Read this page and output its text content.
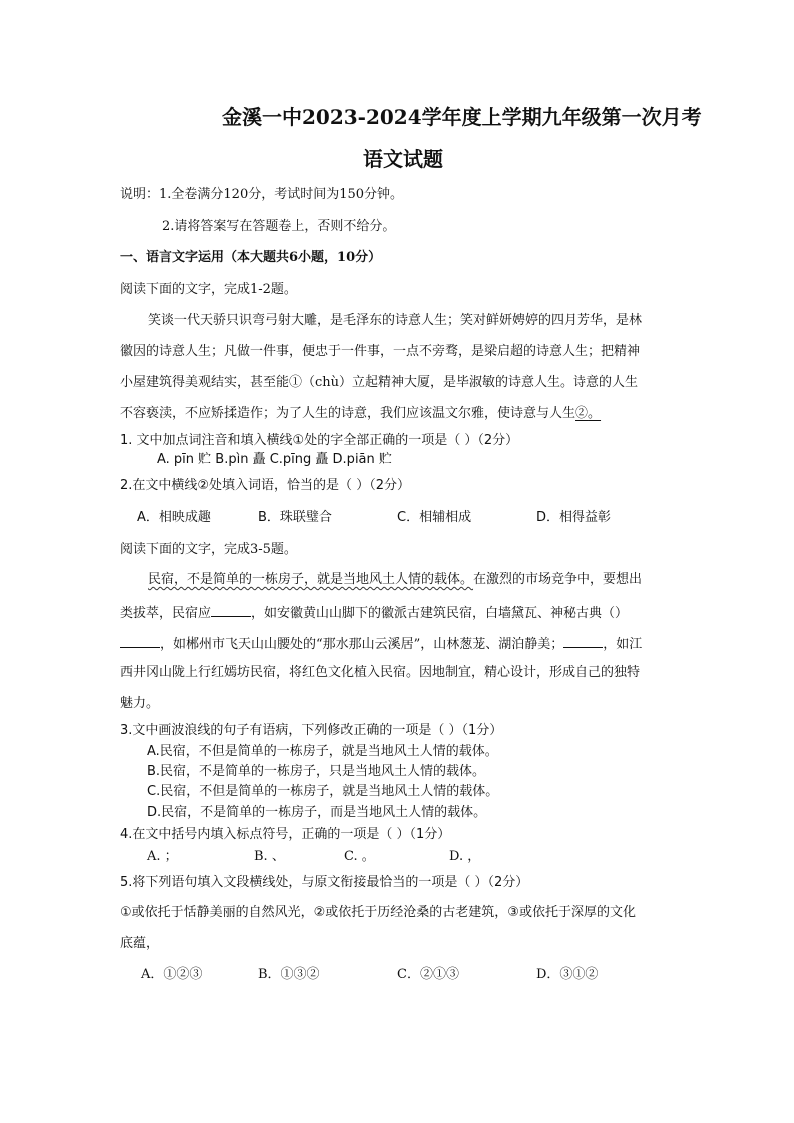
金溪一中2023-2024学年度上学期九年级第一次月考
语文试题
说明：1.全卷满分120分，考试时间为150分钟。
2.请将答案写在答题卷上，否则不给分。
一、语言文字运用（本大题共6小题，10分）
阅读下面的文字，完成1-2题。
笑谈一代天骄只识弯弓射大雕，是毛泽东的诗意人生；笑对鲜妍娉婷的四月芳华，是林
徽因的诗意人生；凡做一件事，便忠于一件事，一点不旁骛，是梁启超的诗意人生；把精神
小屋建筑得美观结实，甚至能①（chù）立起精神大厦，是毕淑敏的诗意人生。诗意的人生
不容亵渎，不应矫揉造作；为了人生的诗意，我们应该温文尔雅，使诗意与人生②。
1. 文中加点词注音和填入横线①处的字全部正确的一项是（ ）（2分）
A. pīn 贮 B.pìn 矗 C.pīng 矗 D.piān 贮
2.在文中横线②处填入词语，恰当的是（ ）（2分）
A．相映成趣	B．珠联璧合	C．相辅相成	D．相得益彰
阅读下面的文字，完成3-5题。
民宿，不是简单的一栋房子，就是当地风土人情的载体。在激烈的市场竞争中，要想出
类拔萃，民宿应	，如安徽黄山山脚下的徽派古建筑民宿，白墙黛瓦、神秘古典（）
，如郴州市飞天山山腰处的“那水那山云溪居”，山林葱茏、湖泊静美；	，如江
西井冈山陇上行红嫣坊民宿，将红色文化植入民宿。因地制宜，精心设计，形成自己的独特
魅力。
3.文中画波浪线的句子有语病，下列修改正确的一项是（ ）（1分）
A.民宿，不但是简单的一栋房子，就是当地风土人情的载体。
B.民宿，不是简单的一栋房子，只是当地风土人情的载体。
C.民宿，不但是简单的一栋房子，就是当地风土人情的载体。
D.民宿，不是简单的一栋房子，而是当地风土人情的载体。
4.在文中括号内填入标点符号，正确的一项是（ ）（1分）
A. ；	B. 、	C. 。	D. ，
5.将下列语句填入文段横线处，与原文衔接最恰当的一项是（ ）（2分）
①或依托于恬静美丽的自然风光，②或依托于历经沧桑的古老建筑，③或依托于深厚的文化
底蕴，
A．①②③	B．①③②	C．②①③	D．③①②
